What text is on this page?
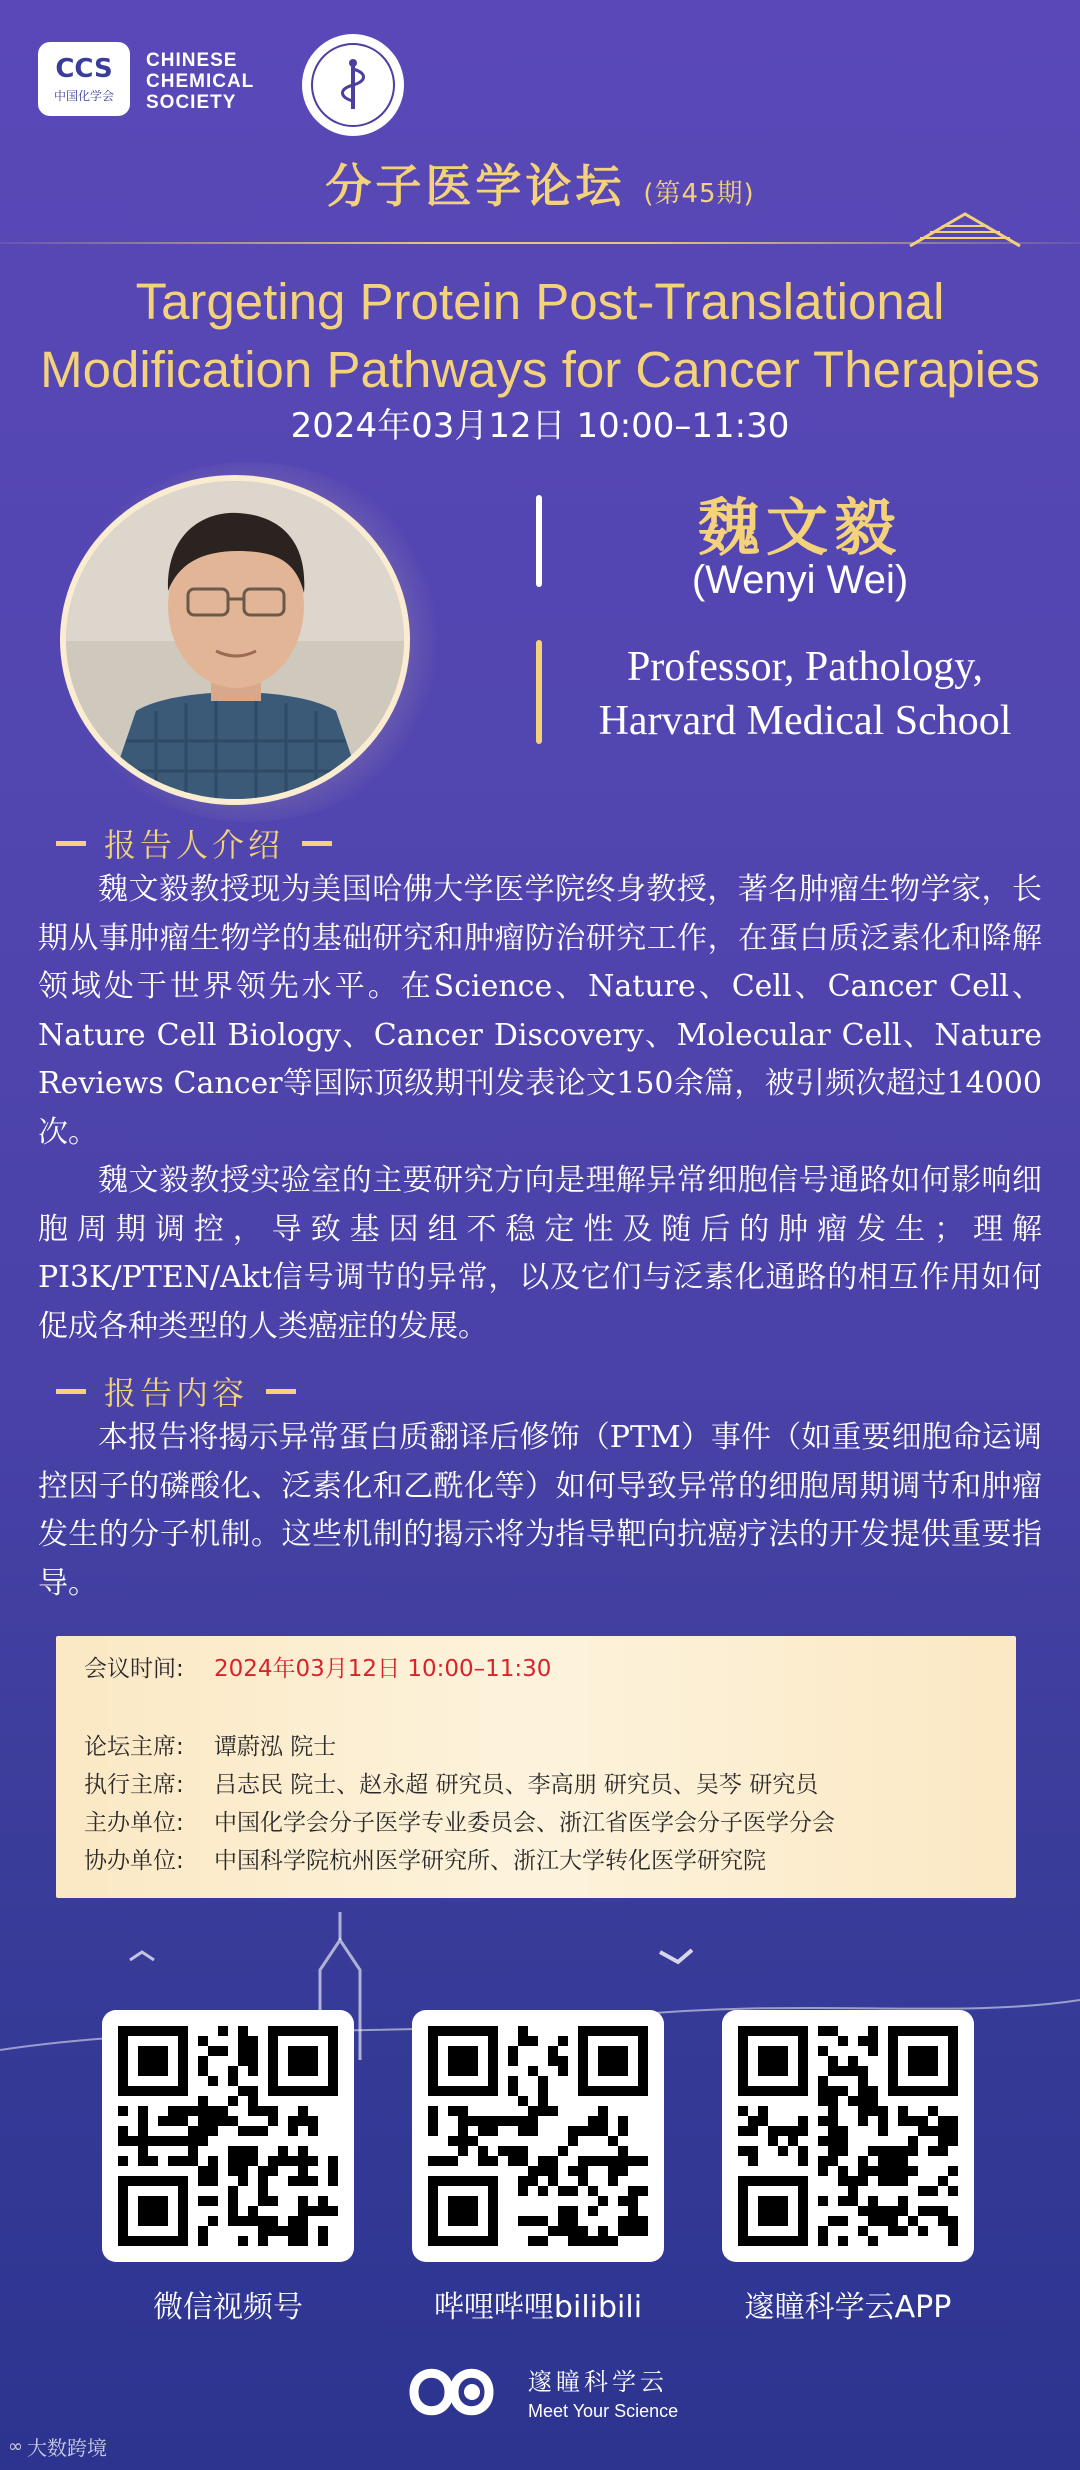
CCS
中国化学会
CHINESE
CHEMICAL
SOCIETY
分子医学论坛 (第45期)
Targeting Protein Post-Translational
Modification Pathways for Cancer Therapies
2024年03月12日 10:00–11:30
魏文毅
(Wenyi Wei)
Professor, Pathology,
Harvard Medical School
报告人介绍

魏文毅教授现为美国哈佛大学医学院终身教授，著名肿瘤生物学家，长期从事肿瘤生物学的基础研究和肿瘤防治研究工作，在蛋白质泛素化和降解领域处于世界领先水平。在Science、Nature、Cell、Cancer Cell、Nature Cell Biology、Cancer Discovery、Molecular Cell、Nature Reviews Cancer等国际顶级期刊发表论文150余篇，被引频次超过14000次。

魏文毅教授实验室的主要研究方向是理解异常细胞信号通路如何影响细胞周期调控，导致基因组不稳定性及随后的肿瘤发生；理解PI3K/PTEN/Akt信号调节的异常，以及它们与泛素化通路的相互作用如何促成各种类型的人类癌症的发展。

报告内容

本报告将揭示异常蛋白质翻译后修饰（PTM）事件（如重要细胞命运调控因子的磷酸化、泛素化和乙酰化等）如何导致异常的细胞周期调节和肿瘤发生的分子机制。这些机制的揭示将为指导靶向抗癌疗法的开发提供重要指导。

会议时间:	2024年03月12日 10:00–11:30
论坛主席:	谭蔚泓 院士
执行主席:	吕志民 院士、赵永超 研究员、李高朋 研究员、吴芩 研究员
主办单位:	中国化学会分子医学专业委员会、浙江省医学会分子医学分会
协办单位:	中国科学院杭州医学研究所、浙江大学转化医学研究院
微信视频号	哔哩哔哩bilibili	邃瞳科学云APP
邃瞳科学云
Meet Your Science
∞ 大数跨境
